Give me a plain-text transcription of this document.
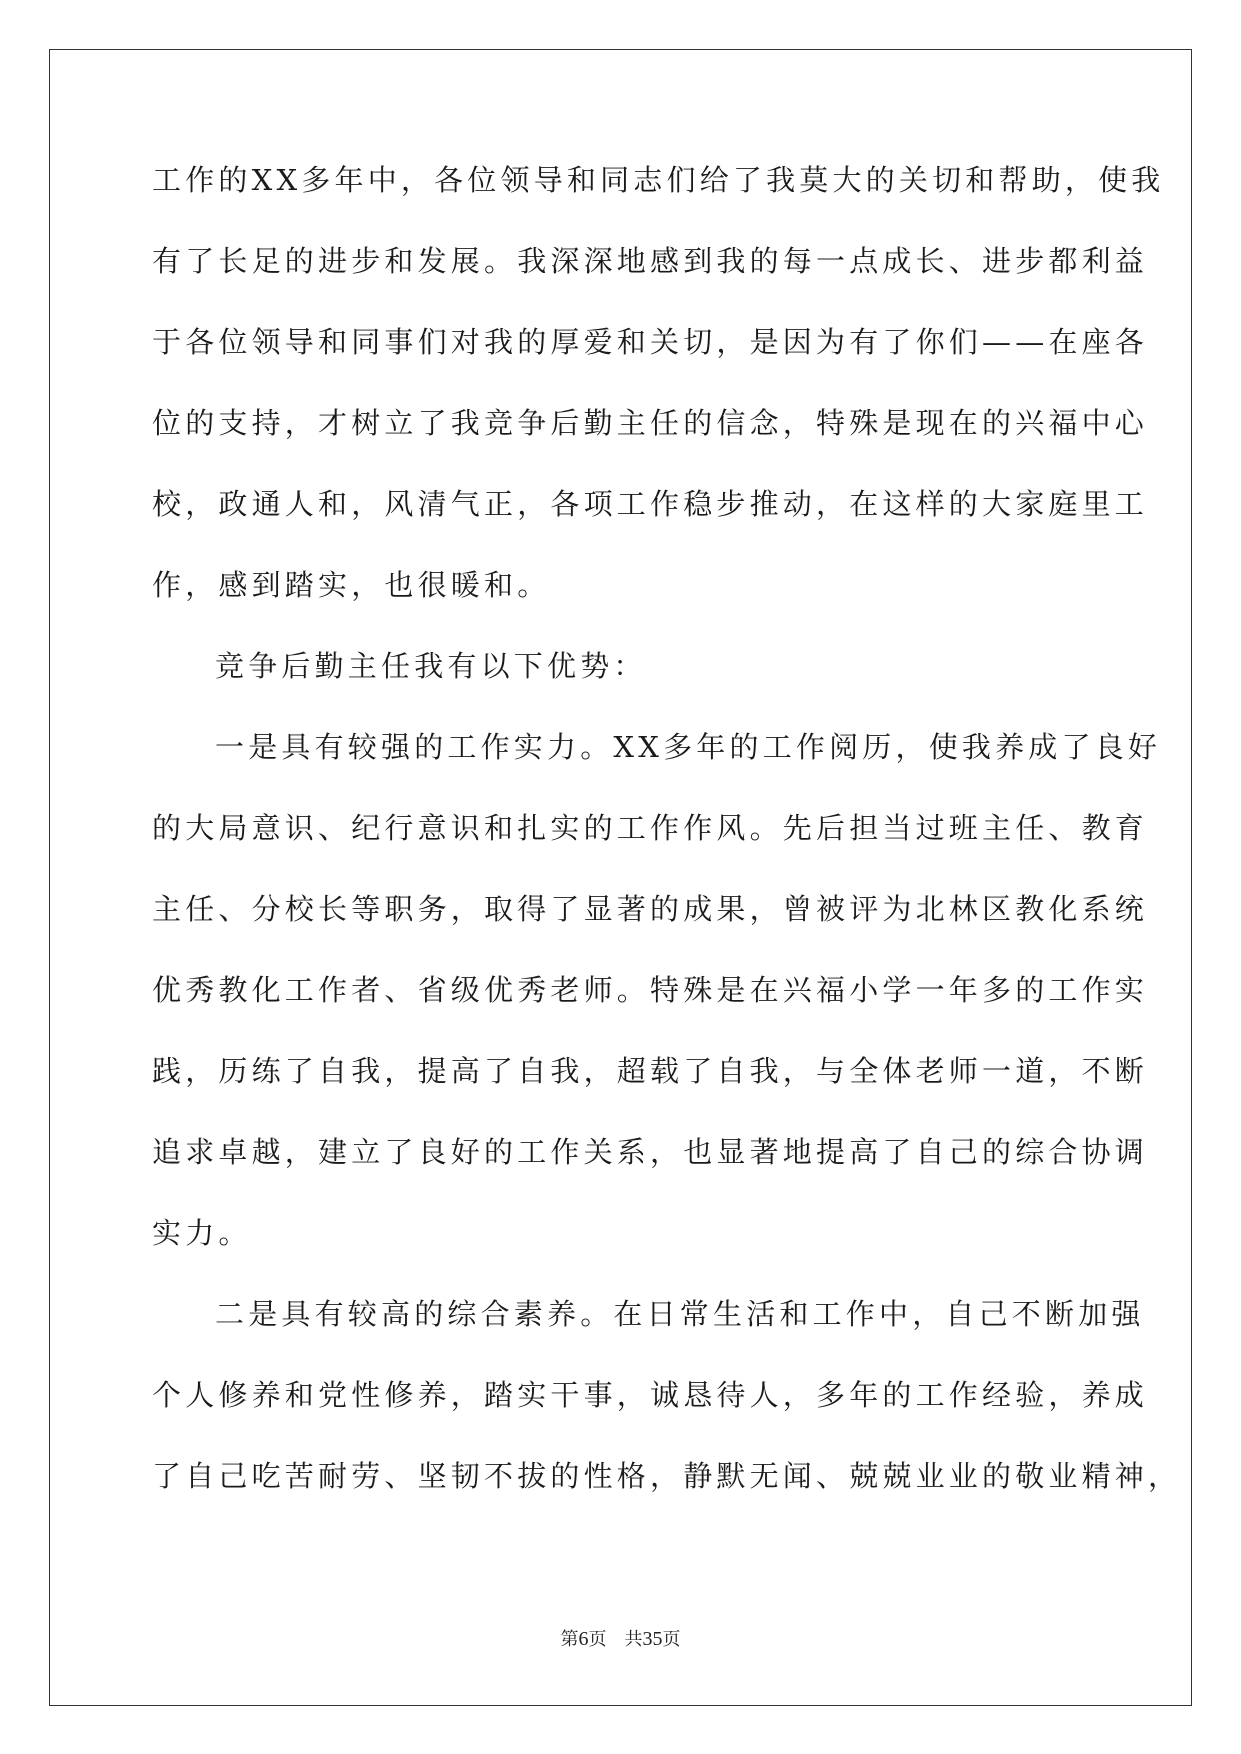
工作的XX多年中，各位领导和同志们给了我莫大的关切和帮助，使我
有了长足的进步和发展。我深深地感到我的每一点成长、进步都利益
于各位领导和同事们对我的厚爱和关切，是因为有了你们——在座各
位的支持，才树立了我竞争后勤主任的信念，特殊是现在的兴福中心
校，政通人和，风清气正，各项工作稳步推动，在这样的大家庭里工
作，感到踏实，也很暖和。
竞争后勤主任我有以下优势：
一是具有较强的工作实力。XX多年的工作阅历，使我养成了良好
的大局意识、纪行意识和扎实的工作作风。先后担当过班主任、教育
主任、分校长等职务，取得了显著的成果，曾被评为北林区教化系统
优秀教化工作者、省级优秀老师。特殊是在兴福小学一年多的工作实
践，历练了自我，提高了自我，超载了自我，与全体老师一道，不断
追求卓越，建立了良好的工作关系，也显著地提高了自己的综合协调
实力。
二是具有较高的综合素养。在日常生活和工作中，自己不断加强
个人修养和党性修养，踏实干事，诚恳待人，多年的工作经验，养成
了自己吃苦耐劳、坚韧不拔的性格，静默无闻、兢兢业业的敬业精神，
第6页 共35页
